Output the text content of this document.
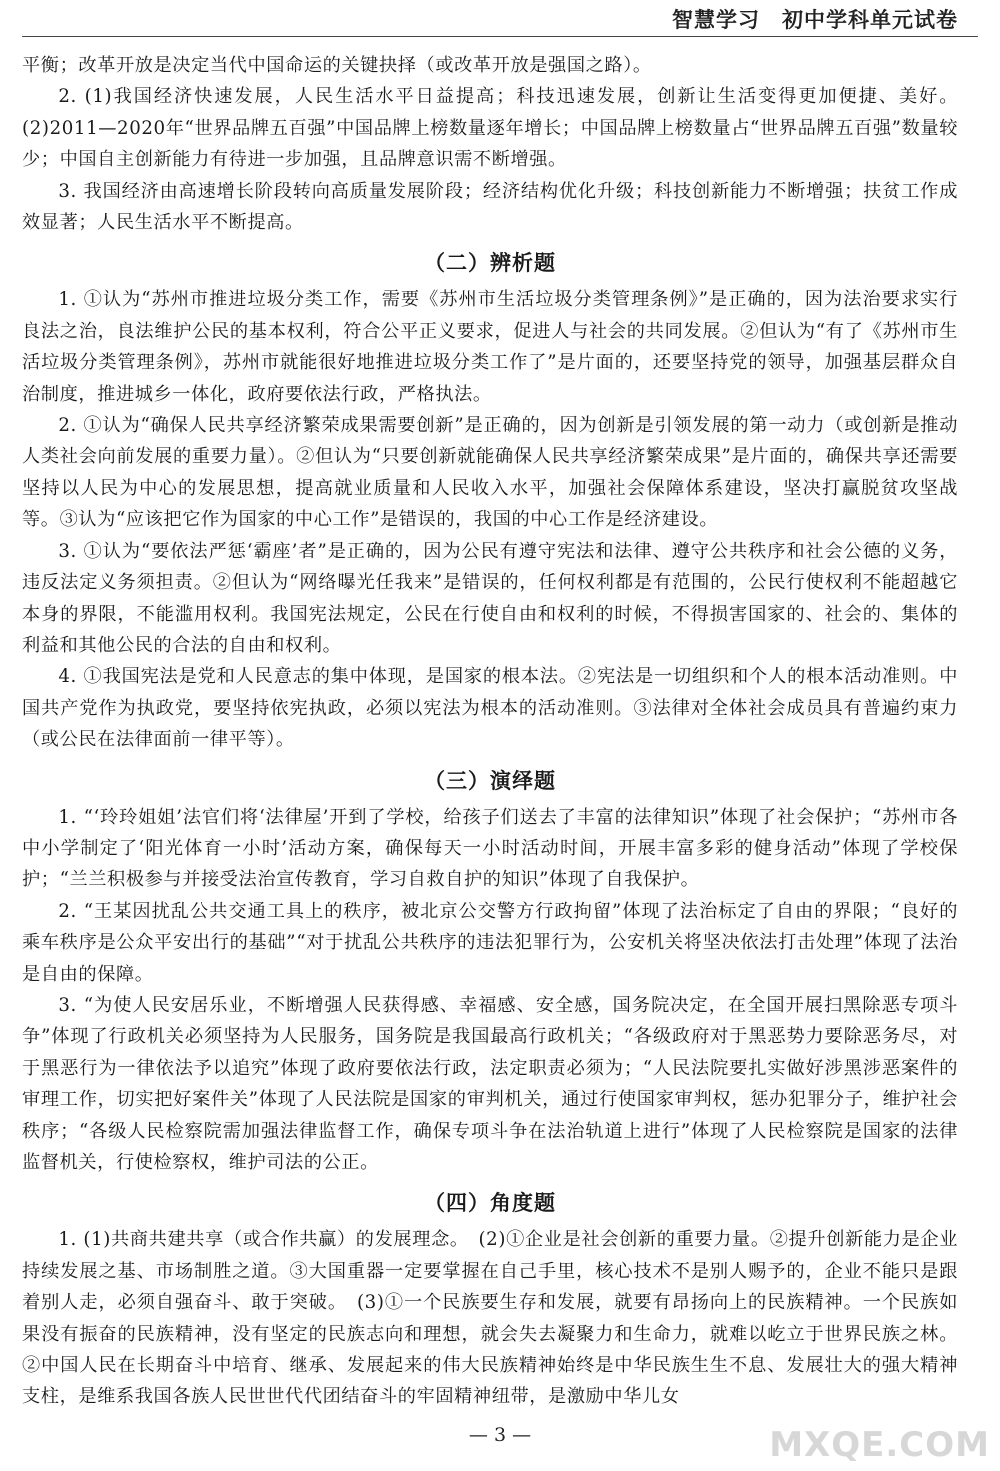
智慧学习　初中学科单元试卷

平衡；改革开放是决定当代中国命运的关键抉择（或改革开放是强国之路）。

2. (1)我国经济快速发展，人民生活水平日益提高；科技迅速发展，创新让生活变得更加便捷、美好。(2)2011—2020年“世界品牌五百强”中国品牌上榜数量逐年增长；中国品牌上榜数量占“世界品牌五百强”数量较少；中国自主创新能力有待进一步加强，且品牌意识需不断增强。

3. 我国经济由高速增长阶段转向高质量发展阶段；经济结构优化升级；科技创新能力不断增强；扶贫工作成效显著；人民生活水平不断提高。

（二）辨析题

1. ①认为“苏州市推进垃圾分类工作，需要《苏州市生活垃圾分类管理条例》”是正确的，因为法治要求实行良法之治，良法维护公民的基本权利，符合公平正义要求，促进人与社会的共同发展。②但认为“有了《苏州市生活垃圾分类管理条例》，苏州市就能很好地推进垃圾分类工作了”是片面的，还要坚持党的领导，加强基层群众自治制度，推进城乡一体化，政府要依法行政，严格执法。

2. ①认为“确保人民共享经济繁荣成果需要创新”是正确的，因为创新是引领发展的第一动力（或创新是推动人类社会向前发展的重要力量）。②但认为“只要创新就能确保人民共享经济繁荣成果”是片面的，确保共享还需要坚持以人民为中心的发展思想，提高就业质量和人民收入水平，加强社会保障体系建设，坚决打赢脱贫攻坚战等。③认为“应该把它作为国家的中心工作”是错误的，我国的中心工作是经济建设。

3. ①认为“要依法严惩‘霸座’者”是正确的，因为公民有遵守宪法和法律、遵守公共秩序和社会公德的义务，违反法定义务须担责。②但认为“网络曝光任我来”是错误的，任何权利都是有范围的，公民行使权利不能超越它本身的界限，不能滥用权利。我国宪法规定，公民在行使自由和权利的时候，不得损害国家的、社会的、集体的利益和其他公民的合法的自由和权利。

4. ①我国宪法是党和人民意志的集中体现，是国家的根本法。②宪法是一切组织和个人的根本活动准则。中国共产党作为执政党，要坚持依宪执政，必须以宪法为根本的活动准则。③法律对全体社会成员具有普遍约束力（或公民在法律面前一律平等）。

（三）演绎题

1. “‘玲玲姐姐’法官们将‘法律屋’开到了学校，给孩子们送去了丰富的法律知识”体现了社会保护；“苏州市各中小学制定了‘阳光体育一小时’活动方案，确保每天一小时活动时间，开展丰富多彩的健身活动”体现了学校保护；“兰兰积极参与并接受法治宣传教育，学习自救自护的知识”体现了自我保护。

2. “王某因扰乱公共交通工具上的秩序，被北京公交警方行政拘留”体现了法治标定了自由的界限；“良好的乘车秩序是公众平安出行的基础”“对于扰乱公共秩序的违法犯罪行为，公安机关将坚决依法打击处理”体现了法治是自由的保障。

3. “为使人民安居乐业，不断增强人民获得感、幸福感、安全感，国务院决定，在全国开展扫黑除恶专项斗争”体现了行政机关必须坚持为人民服务，国务院是我国最高行政机关；“各级政府对于黑恶势力要除恶务尽，对于黑恶行为一律依法予以追究”体现了政府要依法行政，法定职责必须为；“人民法院要扎实做好涉黑涉恶案件的审理工作，切实把好案件关”体现了人民法院是国家的审判机关，通过行使国家审判权，惩办犯罪分子，维护社会秩序；“各级人民检察院需加强法律监督工作，确保专项斗争在法治轨道上进行”体现了人民检察院是国家的法律监督机关，行使检察权，维护司法的公正。

（四）角度题

1. (1)共商共建共享（或合作共赢）的发展理念。　(2)①企业是社会创新的重要力量。②提升创新能力是企业持续发展之基、市场制胜之道。③大国重器一定要掌握在自己手里，核心技术不是别人赐予的，企业不能只是跟着别人走，必须自强奋斗、敢于突破。　(3)①一个民族要生存和发展，就要有昂扬向上的民族精神。一个民族如果没有振奋的民族精神，没有坚定的民族志向和理想，就会失去凝聚力和生命力，就难以屹立于世界民族之林。②中国人民在长期奋斗中培育、继承、发展起来的伟大民族精神始终是中华民族生生不息、发展壮大的强大精神支柱，是维系我国各族人民世世代代团结奋斗的牢固精神纽带，是激励中华儿女

— 3 —	MXQE.COM
